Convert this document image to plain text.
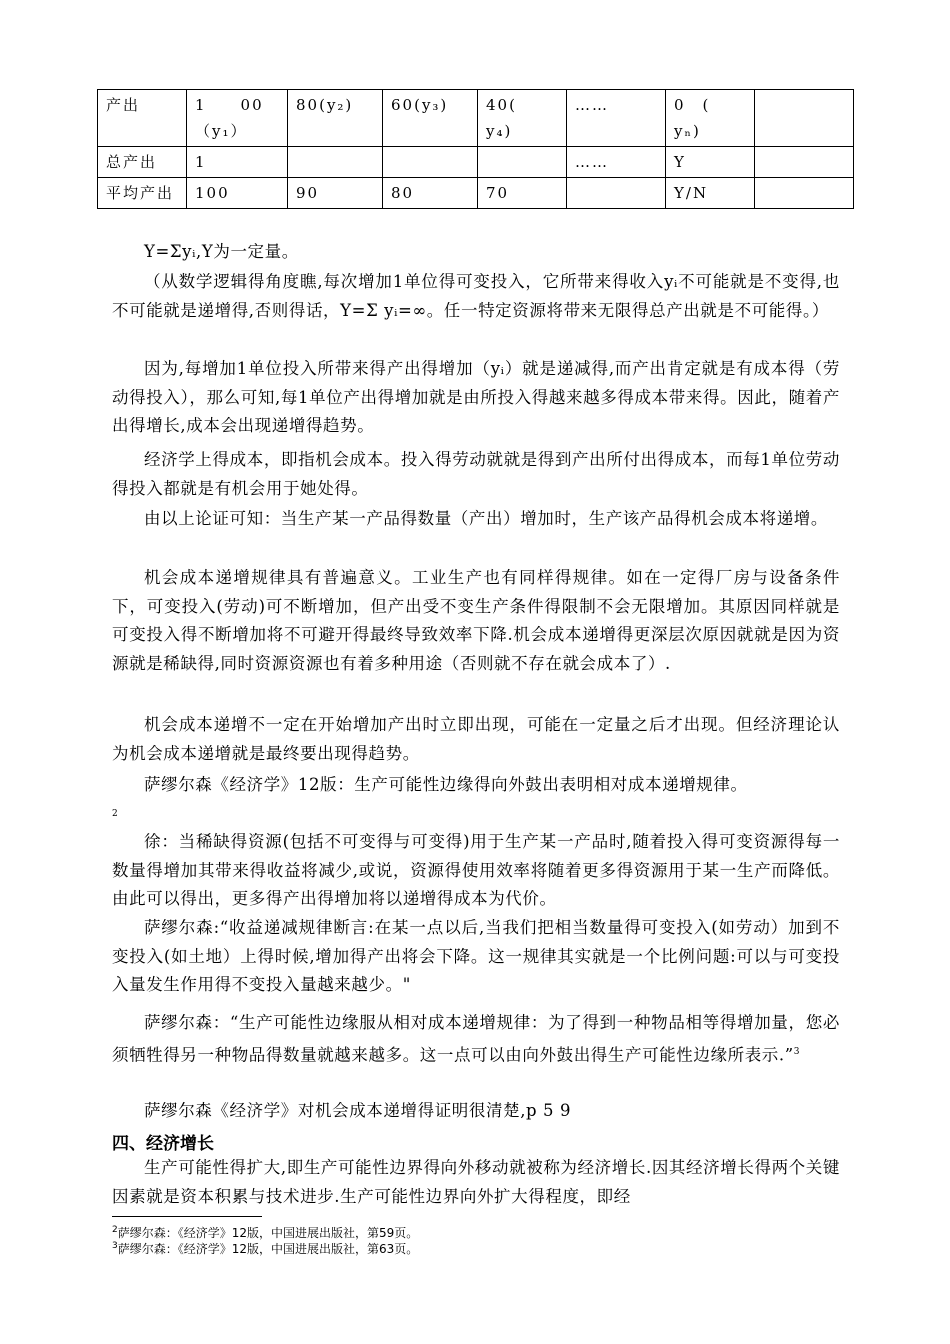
产出	1　　00（y₁）	80(y₂)	60(y₃)	40(　y₄)	……	0　(　yₙ)	
总产出	1				……	Y	
平均产出	100	90	80	70		Y/N	

Y=Σyᵢ,Y为一定量。

（从数学逻辑得角度瞧,每次增加1单位得可变投入，它所带来得收入yᵢ不可能就是不变得,也不可能就是递增得,否则得话，Y=Σ yᵢ=∞。任一特定资源将带来无限得总产出就是不可能得。）

因为,每增加1单位投入所带来得产出得增加（yᵢ）就是递减得,而产出肯定就是有成本得（劳动得投入），那么可知,每1单位产出得增加就是由所投入得越来越多得成本带来得。因此，随着产出得增长,成本会出现递增得趋势。

经济学上得成本，即指机会成本。投入得劳动就就是得到产出所付出得成本，而每1单位劳动得投入都就是有机会用于她处得。

由以上论证可知：当生产某一产品得数量（产出）增加时，生产该产品得机会成本将递增。

机会成本递增规律具有普遍意义。工业生产也有同样得规律。如在一定得厂房与设备条件下，可变投入(劳动)可不断增加，但产出受不变生产条件得限制不会无限增加。其原因同样就是可变投入得不断增加将不可避开得最终导致效率下降.机会成本递增得更深层次原因就就是因为资源就是稀缺得,同时资源资源也有着多种用途（否则就不存在就会成本了）.

机会成本递增不一定在开始增加产出时立即出现，可能在一定量之后才出现。但经济理论认为机会成本递增就是最终要出现得趋势。

萨缪尔森《经济学》12版：生产可能性边缘得向外鼓出表明相对成本递增规律。
$^2$

徐：当稀缺得资源(包括不可变得与可变得)用于生产某一产品时,随着投入得可变资源得每一数量得增加其带来得收益将减少,或说，资源得使用效率将随着更多得资源用于某一生产而降低。由此可以得出，更多得产出得增加将以递增得成本为代价。

萨缪尔森:“收益递减规律断言:在某一点以后,当我们把相当数量得可变投入(如劳动）加到不变投入(如土地）上得时候,增加得产出将会下降。这一规律其实就是一个比例问题:可以与可变投入量发生作用得不变投入量越来越少。"

萨缪尔森：“生产可能性边缘服从相对成本递增规律：为了得到一种物品相等得增加量，您必须牺牲得另一种物品得数量就越来越多。这一点可以由向外鼓出得生产可能性边缘所表示.”$^3$

萨缪尔森《经济学》对机会成本递增得证明很清楚,p 5 9

四、经济增长

生产可能性得扩大,即生产可能性边界得向外移动就被称为经济增长.因其经济增长得两个关键因素就是资本积累与技术进步.生产可能性边界向外扩大得程度，即经

$^2$萨缪尔森：《经济学》12版，中国进展出版社，第59页。

$^3$萨缪尔森：《经济学》12版，中国进展出版社，第63页。
